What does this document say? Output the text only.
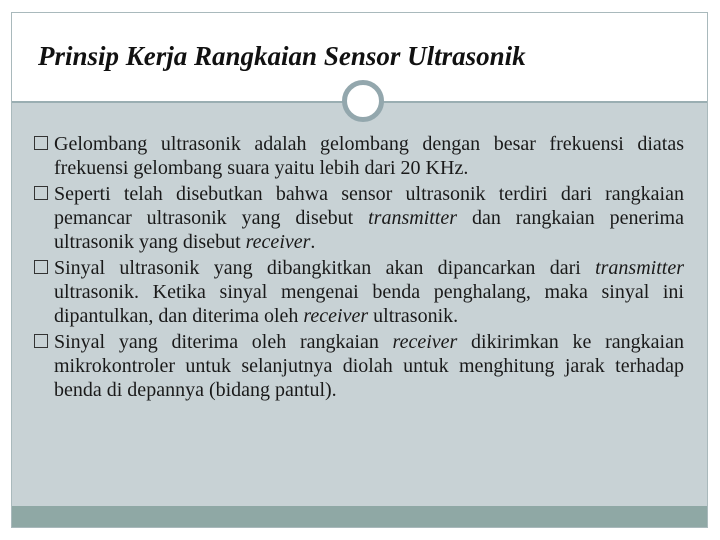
Prinsip Kerja Rangkaian Sensor Ultrasonik
Gelombang ultrasonik adalah gelombang dengan besar frekuensi diatas frekuensi gelombang suara yaitu lebih dari 20 KHz.
Seperti telah disebutkan bahwa sensor ultrasonik terdiri dari rangkaian pemancar ultrasonik yang disebut transmitter dan rangkaian penerima ultrasonik yang disebut receiver.
Sinyal ultrasonik yang dibangkitkan akan dipancarkan dari transmitter ultrasonik. Ketika sinyal mengenai benda penghalang, maka sinyal ini dipantulkan, dan diterima oleh receiver ultrasonik.
Sinyal yang diterima oleh rangkaian receiver dikirimkan ke rangkaian mikrokontroler untuk selanjutnya diolah untuk menghitung jarak terhadap benda di depannya (bidang pantul).
